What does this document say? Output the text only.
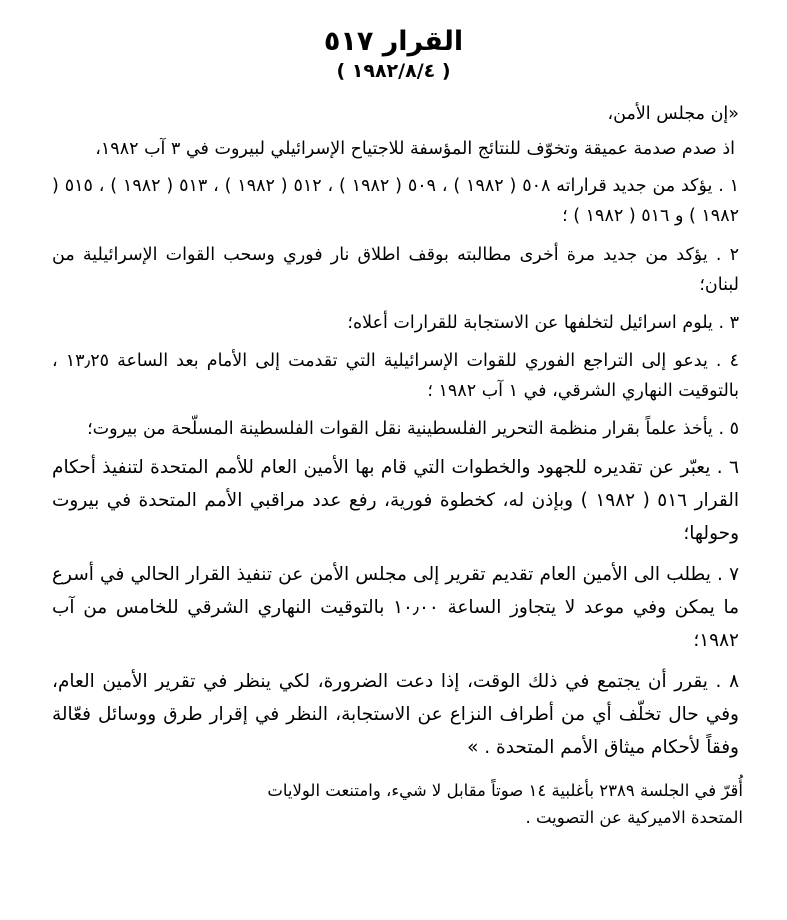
القرار ٥١٧
( ١٩٨٢/٨/٤ )

«إن مجلس الأمن،

اذ صدم صدمة عميقة وتخوّف للنتائج المؤسفة للاجتياح الإسرائيلي لبيروت في ٣ آب ١٩٨٢،

١ . يؤكد من جديد قراراته ٥٠٨ ( ١٩٨٢ ) ، ٥٠٩ ( ١٩٨٢ ) ، ٥١٢ ( ١٩٨٢ ) ، ٥١٣ ( ١٩٨٢ ) ، ٥١٥ ( ١٩٨٢ ) و ٥١٦ ( ١٩٨٢ ) ؛

٢ . يؤكد من جديد مرة أخرى مطالبته بوقف اطلاق نار فوري وسحب القوات الإسرائيلية من لبنان؛

٣ . يلوم اسرائيل لتخلفها عن الاستجابة للقرارات أعلاه؛

٤ . يدعو إلى التراجع الفوري للقوات الإسرائيلية التي تقدمت إلى الأمام بعد الساعة ١٣٫٢٥ ، بالتوقيت النهاري الشرقي، في ١ آب ١٩٨٢ ؛

٥ . يأخذ علماً بقرار منظمة التحرير الفلسطينية نقل القوات الفلسطينة المسلّحة من بيروت؛

٦ . يعبّر عن تقديره للجهود والخطوات التي قام بها الأمين العام للأمم المتحدة لتنفيذ أحكام القرار ٥١٦ ( ١٩٨٢ ) وبإذن له، كخطوة فورية، رفع عدد مراقبي الأمم المتحدة في بيروت وحولها؛

٧ . يطلب الى الأمين العام تقديم تقرير إلى مجلس الأمن عن تنفيذ القرار الحالي في أسرع ما يمكن وفي موعد لا يتجاوز الساعة ١٠٫٠٠ بالتوقيت النهاري الشرقي للخامس من آب ١٩٨٢؛

٨ . يقرر أن يجتمع في ذلك الوقت، إذا دعت الضرورة، لكي ينظر في تقرير الأمين العام، وفي حال تخلّف أي من أطراف النزاع عن الاستجابة، النظر في إقرار طرق ووسائل فعّالة وفقاً لأحكام ميثاق الأمم المتحدة . »

أُقرّ في الجلسة ٢٣٨٩ بأغلبية ١٤ صوتاً مقابل لا شيء، وامتنعت الولايات المتحدة الاميركية عن التصويت .
